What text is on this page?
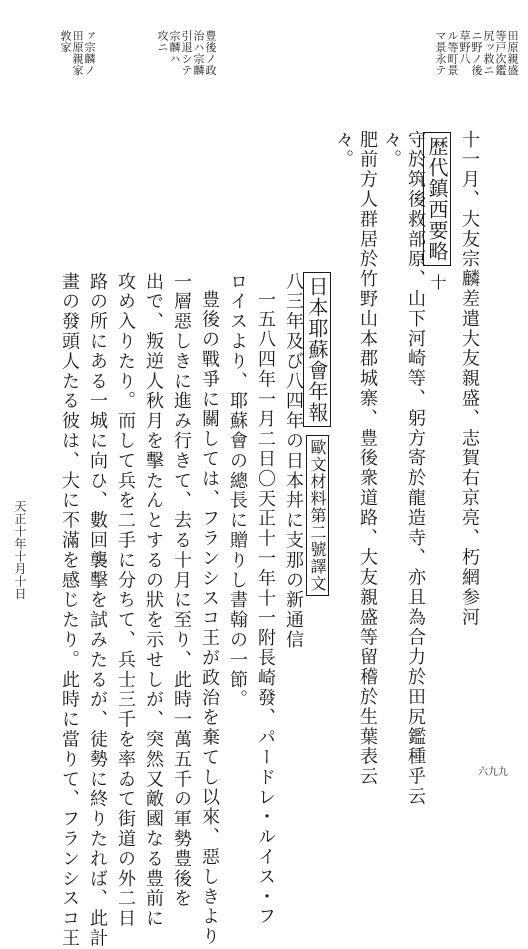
田原親盛
等戸次鑑
尻ッ救ニ
ニ野ノ後
草野八
ル等町景
マ景永テ
豊後ノ政
治ハ宗麟
引退シテ
宗麟ハ
攻ニ
敦家 田原親家 ァ宗麟ノ
歴代鎮西要略十 十一月、大友宗麟差遣大友親盛、志賀右京亮、朽網参河
守於筑後救部原、山下河崎等、躬方寄於龍造寺、亦且為合力於田尻鑑種乎云
々。
肥前方人群居於竹野山本郡城寨、豊後衆道路、大友親盛等留稽於生葉表云
々。
日本耶蘇會年報歐文材料第二號譯文
八三年及び八四年の日本丼に支那の新通信
一五八四年一月二日〇天正十一年十一附長崎發、パードレ・ルイス・フ
ロイスより、耶蘇會の總長に贈りし書翰の一節。
豊後の戰爭に關しては、フランシスコ王が政治を棄てし以來、惡しきより
一層惡しきに進み行きて、去る十月に至り、此時一萬五千の軍勢豊後を
出で、叛逆人秋月を擊たんとするの狀を示せしが、突然又敵國なる豊前に
攻め入りたり。而して兵を二手に分ちて、兵士三千を率ゐて街道の外二日
路の所にある一城に向ひ、數回襲擊を試みたるが、徒勢に終りたれば、此計
畫の發頭人たる彼は、大に不滿を感じたり。此時に當りて、フランシスコ王
天正十年十月十日
六九九
